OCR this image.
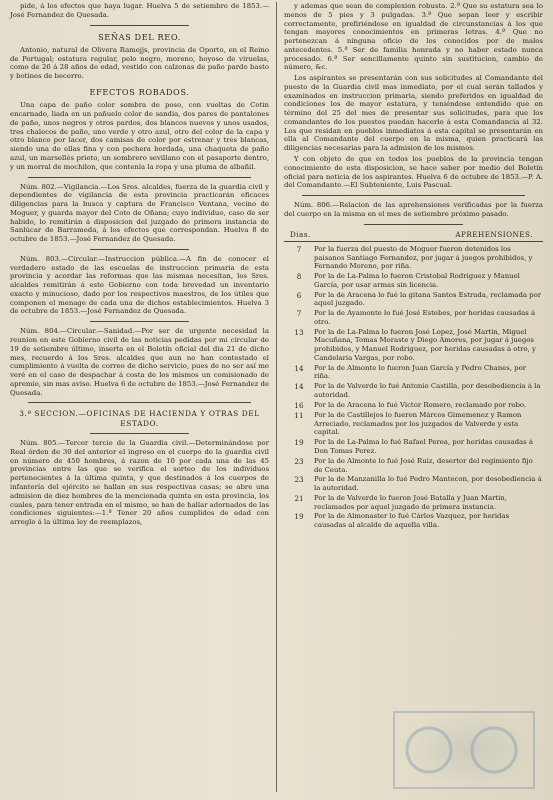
pide, á los efectos que haya lugar. Huelva 5 de setiembre de 1853.—José Fernandez de Quesada.

SEÑAS DEL REO.

Antonio, natural de Olivera Ramejjs, provincia de Oporto, en el Reino de Portugal; estatura regular, pelo negro, moreno, hoyoso de viruelas, como de 26 á 28 años de edad, vestido con calzonas de paño pardo basto y botines de becerro.

EFECTOS ROBADOS.

Una capa de paño color sombra de poso, con vueltas de Cotin encarnado, liada en un pañuelo color de sandia, dos pares de pantalones de paño, unos negros y otros pardos, dos blancos nuevos y unos usados, tres chalecos de paño, uno verde y otro azul, otro del color de la capa y otro blanco por lacer, dos camisas de color por estrenar y tres blancas, siendo una de ellas fina y con pechera bordada, una chaqueta de paño azul, un marsellés prieto, un sombrero sevillano con el pasaporte dentro, y un morral de mochilon, que contenía la ropa y una pluma de albañil.

Núm. 802.—Vigilancia.—Los Sres. alcaldes, fuerza de la guardia civil y dependientes de vigilancia de esta provincia practicarán eficaces diligencias para la busca y captura de Francisco Ventana, vecino de Moguer, y guarda mayor del Coto de Oñana; cuyo individuo, caso de ser habido, lo remitirán á disposicion del juzgado de primera instancia de Sanlúcar de Barrameda, á los efectos que correspondan. Huelva 8 de octubre de 1853.—José Fernandez de Quesada.

Núm. 803.—Circular.—Instruccion pública.—A fin de conocer el verdadero estado de las escuelas de instruccion primaria de esta provincia y acordar las reformas que las mismas necesitan, los Sres. alcaldes remitirán á este Gobierno con toda brevedad un inventario exacto y minucioso, dado por los respectivos maestros, de los útiles que componen el menage de cada una de dichos establecimientos. Huelva 3 de octubre de 1853.—José Fernandez de Quesada.

Núm. 804.—Circular.—Sanidad.—Por ser de urgente necesidad la reunion en este Gobierno civil de las noticias pedidas por mi circular de 19 de setiembre último, inserta en el Boletín oficial del dia 21 de dicho mes, recuerdo á los Sres. alcaldes que aun no han contestado el cumplimiento á vuelta de correo de dicho servicio, pues de no ser así me veré en el caso de despachar á costa de los mismos un comisionado de apremio, sin mas aviso. Huelva 6 de octubre de 1853.—José Fernandez de Quesada.

3.ª SECCION.—OFICINAS DE HACIENDA Y OTRAS DEL ESTADO.

Núm. 805.—Tercer tercio de la Guardia civil.—Determinándose por Real órden de 30 del anterior el ingreso en el cuerpo de la guardia civil en número de 450 hombres, á razon de 10 por cada una de las 45 provincias entre las que se verifica el sorteo de los individuos pertenecientes á la última quinta, y que destinados á los cuerpos de infantería del ejército se hallan en sus respectivas casas; se abre una admision de diez hombres de la mencionada quinta en esta provincia, los cuales, para tener entrada en el mismo, se han de hallar adornados de las condiciones siguientes:—1.ª Tener 20 años cumplidos de edad con arreglo á la última ley de reemplazos,

y ademas que sean de complexion robusta. 2.ª Que su estatura sea lo menos de 5 pies y 3 pulgadas. 3.ª Que sepan leer y escribir correctamente, prefiriéndose en igualdad de circunstancias á los que tengan mayores conocimientos en primeras letras. 4.ª Que no pertenezcan á ninguna oficio de los conocidos por de malos antecedentes. 5.ª Ser de familia honrada y no haber estado nunca procesado. 6.ª Ser sencillamente quinto sin sustitucion, cambio de número, &c.

Los aspirantes se presentarán con sus solicitudes al Comandante del puesto de la Guardia civil mas inmediato, por el cual serán tallados y examinados en instruccion primaria, siendo preferidos en igualdad de condiciones los de mayor estatura, y teniéndose entendido que en término del 25 del mes de presentar sus solicitudes, para que los comandantes de los puestos puedan hacerlo á esta Comandancia al 32. Los que residan en pueblos inmediatos á esta capital se presentarán en ella al Comandante del cuerpo en la misma, quien practicará las diligencias necesarias para la admision de los mismos.

Y con objeto de que en todos los pueblos de la provincia tengan conocimiento de esta disposicion, se hace saber por medio del Boletín oficial para noticia de los aspirantes. Huelva 6 de octubre de 1853.—P. A. del Comandante.—El Subteniente, Luis Pascual.

Núm. 806.—Relacion de las aprehensiones verificadas por la fuerza del cuerpo en la misma en el mes de setiembre próximo pasado.

Dias.	APREHENSIONES.
7	Por la fuerza del puesto de Moguer fueron detenidos los paisanos Santiago Fernandez, por jugar á juegos prohibidos, y Fernando Moreno, por riña.
8	Por la de La-Palma lo fueron Cristobal Rodriguez y Manuel García, por usar armas sin licencia.
6	Por la de Aracena lo fué la gitana Santos Estrada, reclamada por aquel juzgado.
7	Por la de Ayamonte lo fué José Estebes, por heridas causadas á otro.
13	Por la de La-Palma lo fueron José Lopez, José Martin, Miguel Macuñana, Tomas Moraste y Diego Amores, por jugar á juegos prohibidos, y Manuel Rodriguez, por heridas causadas á otro, y Candelaria Vargas, por robo.
14	Por la de Almonte lo fueron Juan García y Pedro Chanes, por riña.
14	Por la de Valverde lo fué Antonio Castilla, por desobediencia á la autoridad.
16	Por la de Aracena lo fué Victor Romero, reclamado por robo.
11	Por la de Castillejos lo fueron Márcos Gimemenez y Ramon Arreciado, reclamados por los juzgados de Valverde y esta capital.
19	Por la de La-Palma lo fué Rafael Perea, por heridas causadas á Don Tomas Perez.
23	Por la de Almonte lo fué José Ruiz, desertor del regimiento fijo de Ceuta.
23	Por la de Manzanilla lo fué Pedro Mantecon, por desobediencia á la autoridad.
21	Por la de Valverde lo fueron José Batalla y Juan Martin, reclamados por aquel juzgado de primera instancia.
19	Por la de Almonaster lo fué Cárlos Vazquez, por heridas causadas al alcalde de aquella villa.
